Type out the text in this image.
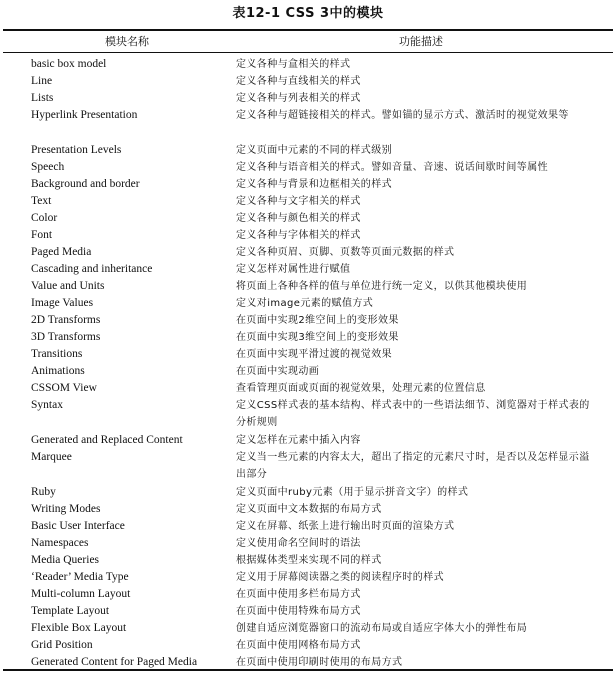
表12-1 CSS 3中的模块
模块名称	功能描述
basic box model	定义各种与盒相关的样式
Line	定义各种与直线相关的样式
Lists	定义各种与列表相关的样式
Hyperlink Presentation	定义各种与超链接相关的样式。譬如锚的显示方式、激活时的视觉效果等
Presentation Levels	定义页面中元素的不同的样式级别
Speech	定义各种与语音相关的样式。譬如音量、音速、说话间歇时间等属性
Background and border	定义各种与背景和边框相关的样式
Text	定义各种与文字相关的样式
Color	定义各种与颜色相关的样式
Font	定义各种与字体相关的样式
Paged Media	定义各种页眉、页脚、页数等页面元数据的样式
Cascading and inheritance	定义怎样对属性进行赋值
Value and Units	将页面上各种各样的值与单位进行统一定义，以供其他模块使用
Image Values	定义对image元素的赋值方式
2D Transforms	在页面中实现2维空间上的变形效果
3D Transforms	在页面中实现3维空间上的变形效果
Transitions	在页面中实现平滑过渡的视觉效果
Animations	在页面中实现动画
CSSOM View	查看管理页面或页面的视觉效果，处理元素的位置信息
Syntax	定义CSS样式表的基本结构、样式表中的一些语法细节、浏览器对于样式表的分析规则
Generated and Replaced Content	定义怎样在元素中插入内容
Marquee	定义当一些元素的内容太大，超出了指定的元素尺寸时，是否以及怎样显示溢出部分
Ruby	定义页面中ruby元素（用于显示拼音文字）的样式
Writing Modes	定义页面中文本数据的布局方式
Basic User Interface	定义在屏幕、纸张上进行输出时页面的渲染方式
Namespaces	定义使用命名空间时的语法
Media Queries	根据媒体类型来实现不同的样式
‘Reader’ Media Type	定义用于屏幕阅读器之类的阅读程序时的样式
Multi-column Layout	在页面中使用多栏布局方式
Template Layout	在页面中使用特殊布局方式
Flexible Box Layout	创建自适应浏览器窗口的流动布局或自适应字体大小的弹性布局
Grid Position	在页面中使用网格布局方式
Generated Content for Paged Media	在页面中使用印刷时使用的布局方式
